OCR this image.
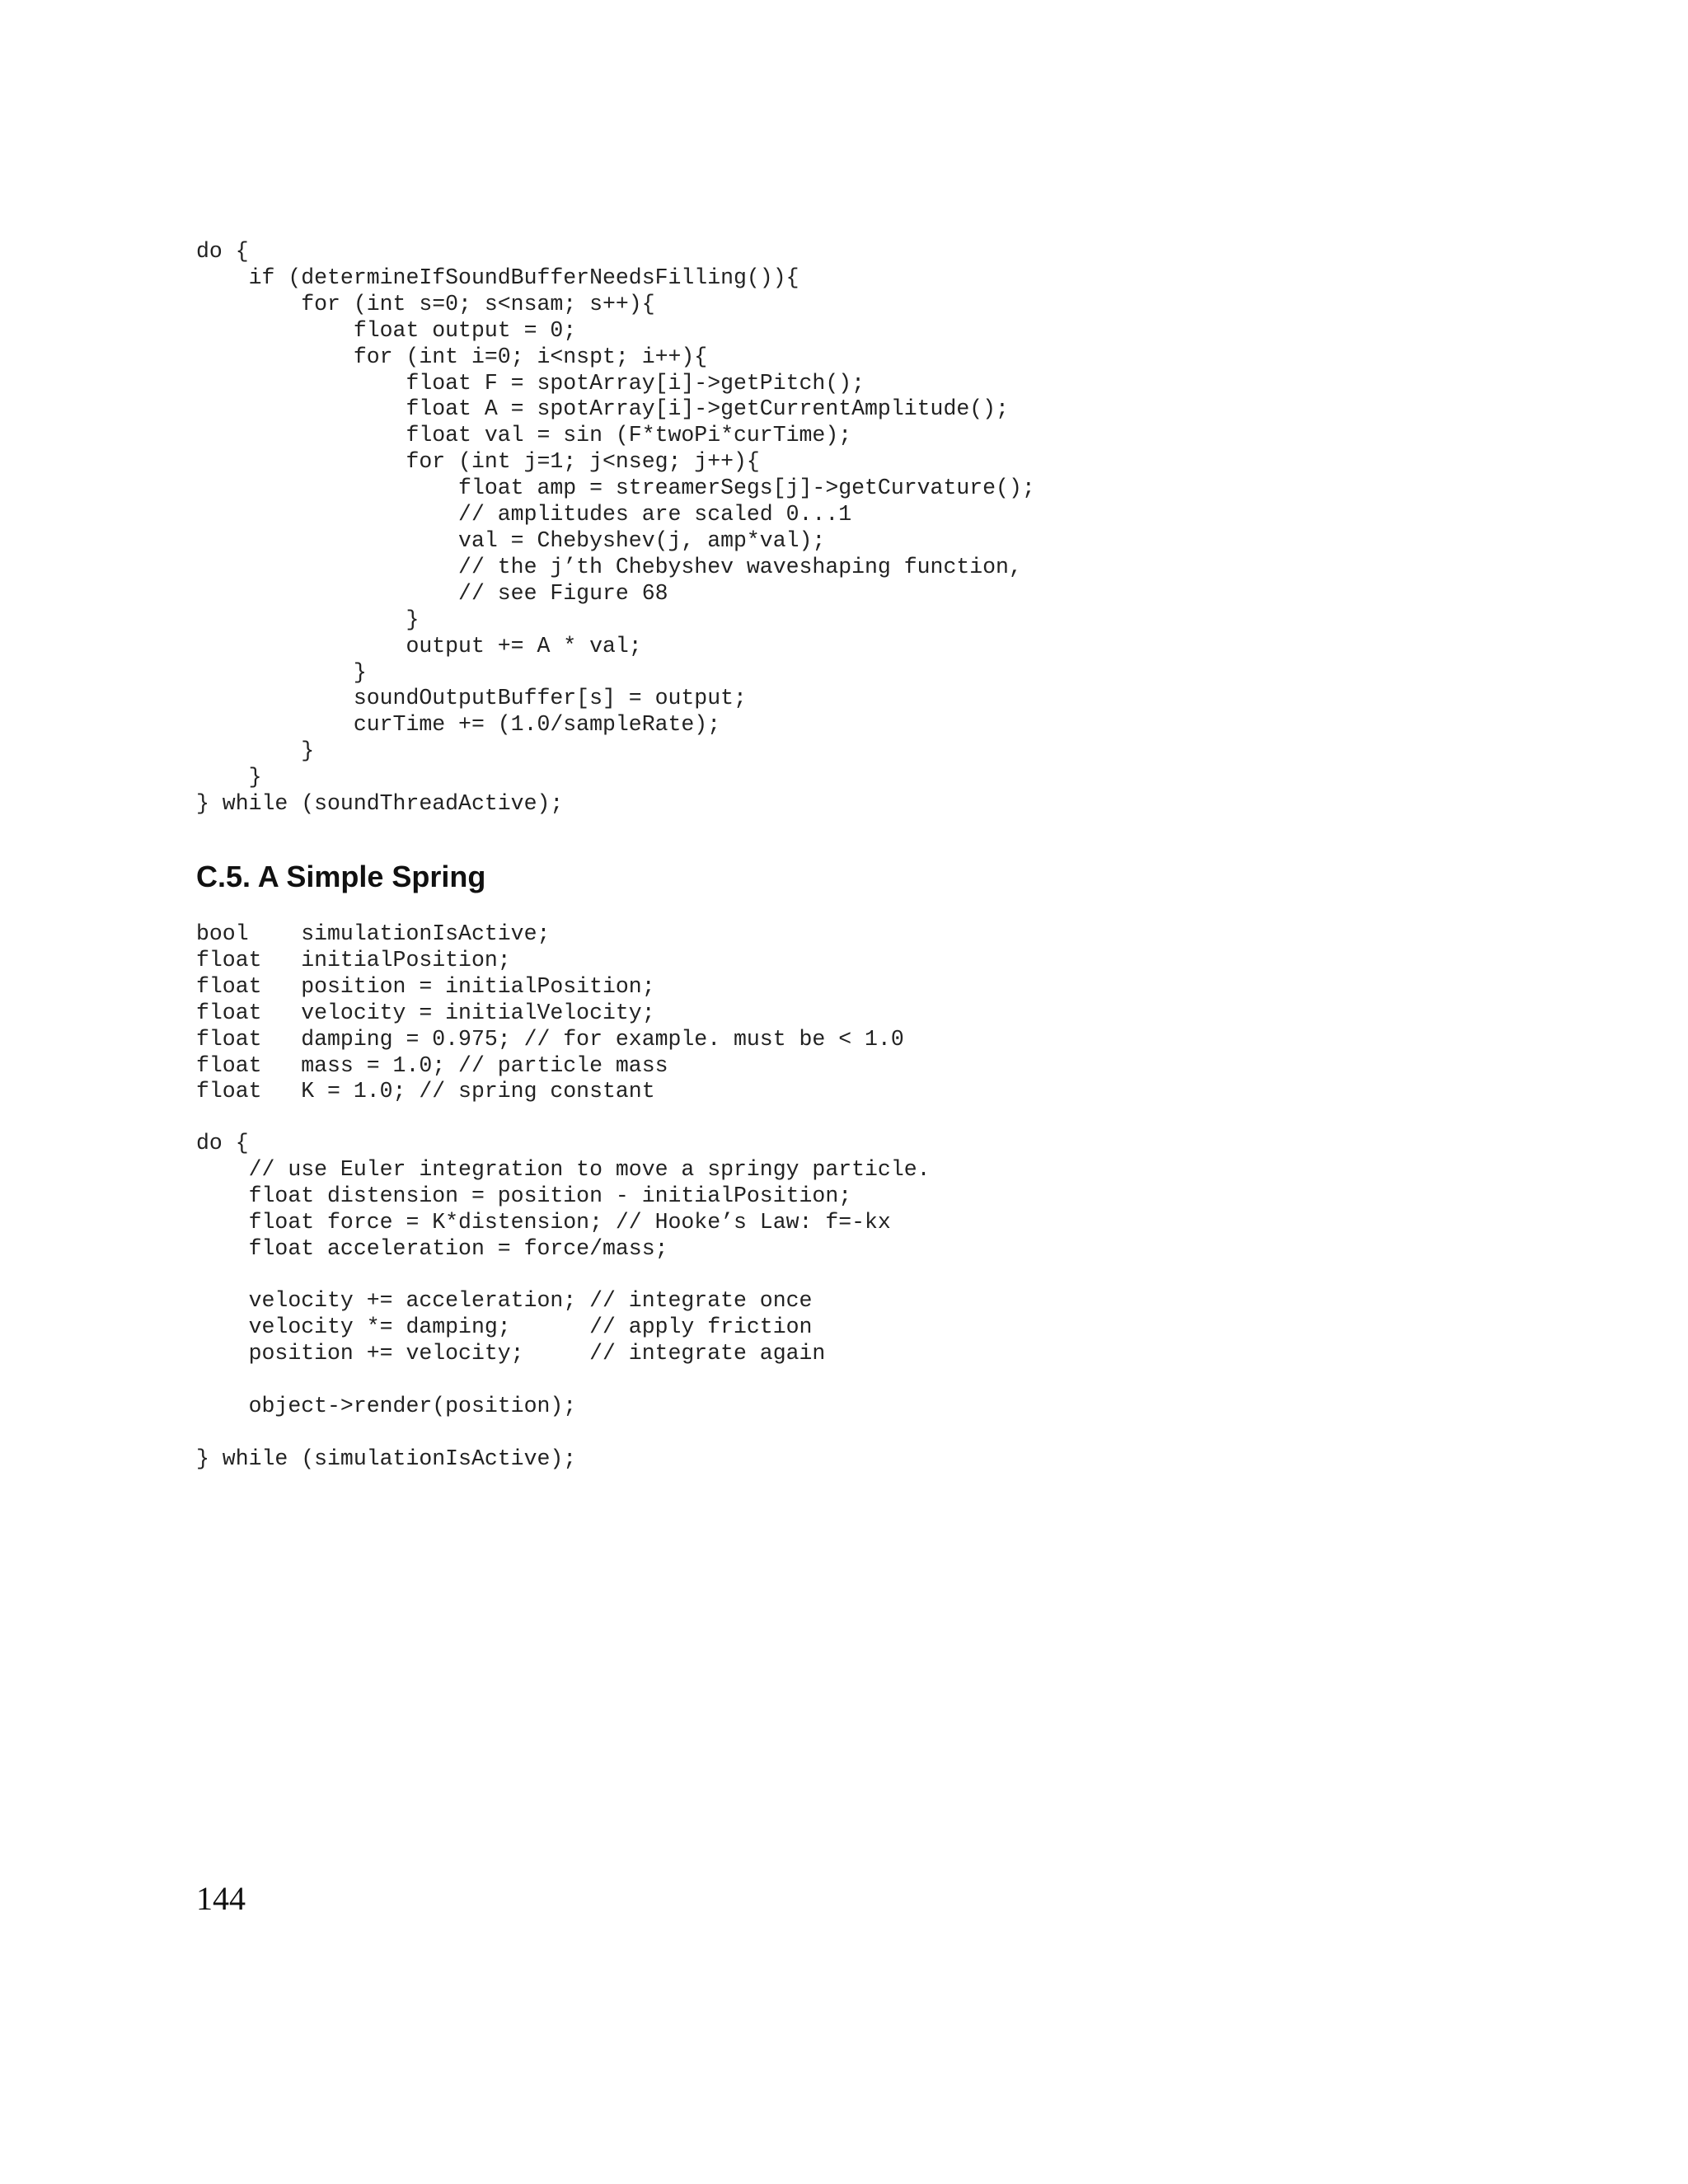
do {
if (determineIfSoundBufferNeedsFilling()){
for (int s=0; s<nsam; s++){
float output = 0;
for (int i=0; i<nspt; i++){
float F = spotArray[i]->getPitch();
float A = spotArray[i]->getCurrentAmplitude();
float val = sin (F*twoPi*curTime);
for (int j=1; j<nseg; j++){
float amp = streamerSegs[j]->getCurvature();
// amplitudes are scaled 0...1
val = Chebyshev(j, amp*val);
// the j’th Chebyshev waveshaping function,
// see Figure 68
}
output += A * val;
}
soundOutputBuffer[s] = output;
curTime += (1.0/sampleRate);
}
}
} while (soundThreadActive);
C.5. A Simple Spring
bool    simulationIsActive;
float   initialPosition;
float   position = initialPosition;
float   velocity = initialVelocity;
float   damping = 0.975; // for example. must be < 1.0
float   mass = 1.0; // particle mass
float   K = 1.0; // spring constant
do {
// use Euler integration to move a springy particle.
float distension = position - initialPosition;
float force = K*distension; // Hooke’s Law: f=-kx
float acceleration = force/mass;
velocity += acceleration; // integrate once
velocity *= damping;      // apply friction
position += velocity;     // integrate again
object->render(position);
} while (simulationIsActive);
144
